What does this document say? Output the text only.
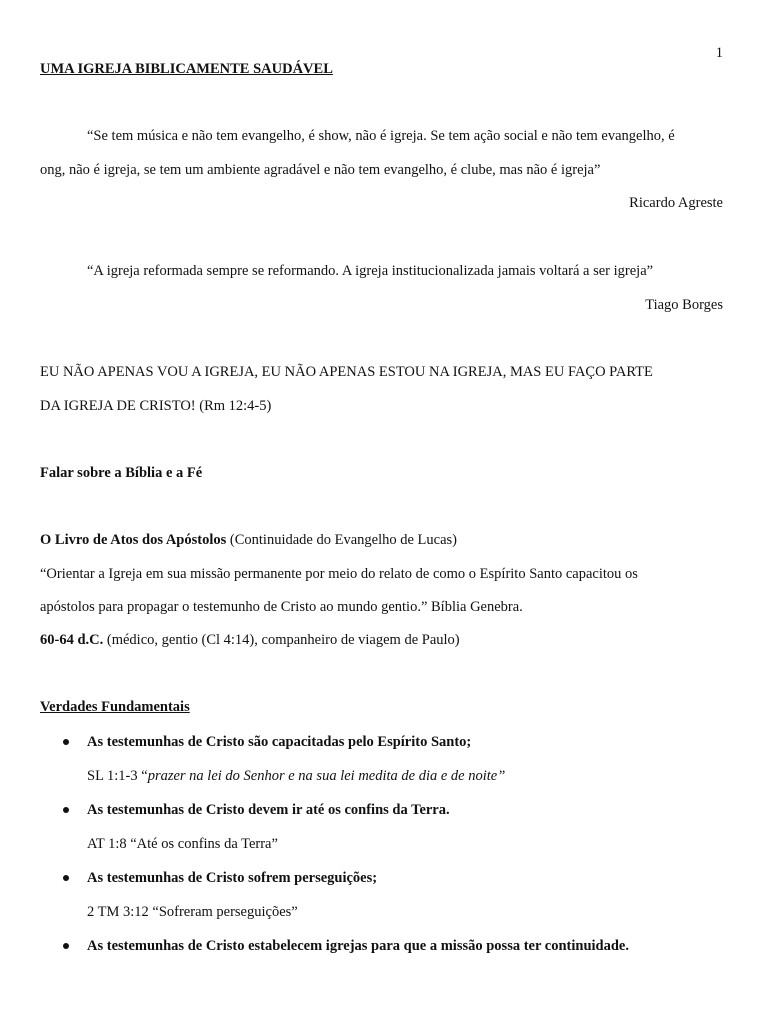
1
UMA IGREJA BIBLICAMENTE SAUDÁVEL
“Se tem música e não tem evangelho, é show, não é igreja. Se tem ação social e não tem evangelho, é
ong, não é igreja, se tem um ambiente agradável e não tem evangelho, é clube, mas não é igreja”
Ricardo Agreste
“A igreja reformada sempre se reformando. A igreja institucionalizada jamais voltará a ser igreja”
Tiago Borges
EU NÃO APENAS VOU A IGREJA, EU NÃO APENAS ESTOU NA IGREJA, MAS EU FAÇO PARTE
DA IGREJA DE CRISTO! (Rm 12:4-5)
Falar sobre a Bíblia e a Fé
O Livro de Atos dos Apóstolos (Continuidade do Evangelho de Lucas)
“Orientar a Igreja em sua missão permanente por meio do relato de como o Espírito Santo capacitou os
apóstolos para propagar o testemunho de Cristo ao mundo gentio.” Bíblia Genebra.
60-64 d.C. (médico, gentio (Cl 4:14), companheiro de viagem de Paulo)
Verdades Fundamentais
As testemunhas de Cristo são capacitadas pelo Espírito Santo;
SL 1:1-3 “prazer na lei do Senhor e na sua lei medita de dia e de noite”
As testemunhas de Cristo devem ir até os confins da Terra.
AT 1:8 “Até os confins da Terra”
As testemunhas de Cristo sofrem perseguições;
2 TM 3:12 “Sofreram perseguições”
As testemunhas de Cristo estabelecem igrejas para que a missão possa ter continuidade.
